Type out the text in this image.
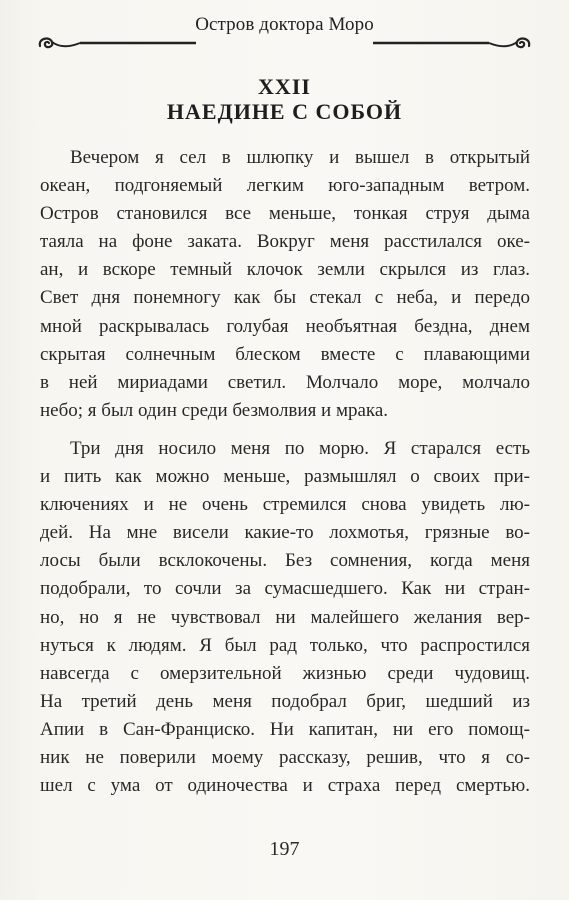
Остров доктора Моро
XXII
НАЕДИНЕ С СОБОЙ
Вечером я сел в шлюпку и вышел в открытый
океан, подгоняемый легким юго-западным ветром.
Остров становился все меньше, тонкая струя дыма
таяла на фоне заката. Вокруг меня расстилался оке-
ан, и вскоре темный клочок земли скрылся из глаз.
Свет дня понемногу как бы стекал с неба, и передо
мной раскрывалась голубая необъятная бездна, днем
скрытая солнечным блеском вместе с плавающими
в ней мириадами светил. Молчало море, молчало
небо; я был один среди безмолвия и мрака.
Три дня носило меня по морю. Я старался есть
и пить как можно меньше, размышлял о своих при-
ключениях и не очень стремился снова увидеть лю-
дей. На мне висели какие-то лохмотья, грязные во-
лосы были всклокочены. Без сомнения, когда меня
подобрали, то сочли за сумасшедшего. Как ни стран-
но, но я не чувствовал ни малейшего желания вер-
нуться к людям. Я был рад только, что распростился
навсегда с омерзительной жизнью среди чудовищ.
На третий день меня подобрал бриг, шедший из
Апии в Сан-Франциско. Ни капитан, ни его помощ-
ник не поверили моему рассказу, решив, что я со-
шел с ума от одиночества и страха перед смертью.
197
